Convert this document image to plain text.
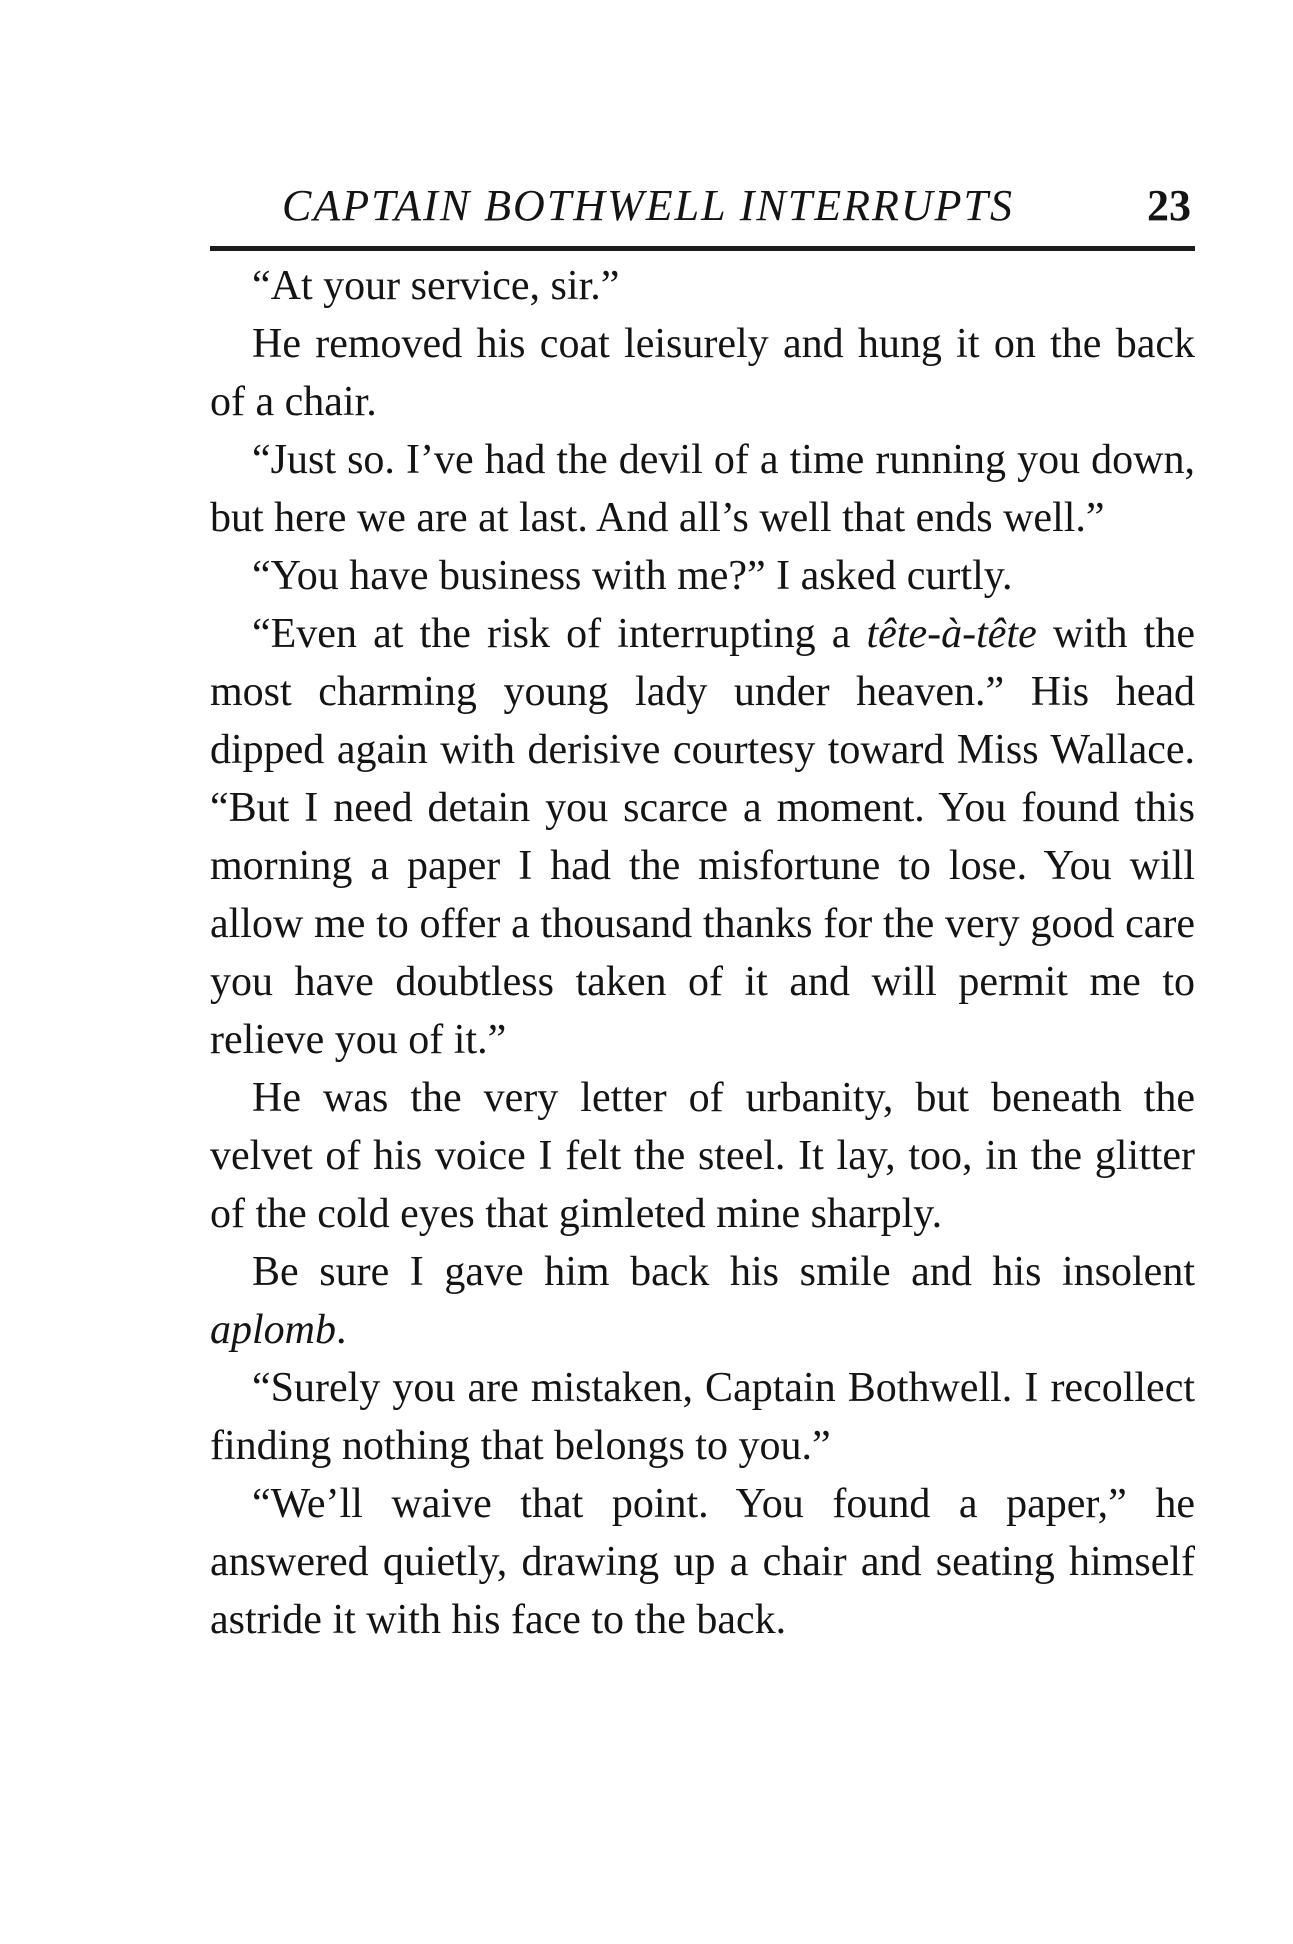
CAPTAIN BOTHWELL INTERRUPTS	23

“At your service, sir.”

He removed his coat leisurely and hung it on the back of a chair.

“Just so. I’ve had the devil of a time running you down, but here we are at last. And all’s well that ends well.”

“You have business with me?” I asked curtly.

“Even at the risk of interrupting a tête-à-tête with the most charming young lady under heaven.” His head dipped again with derisive courtesy toward Miss Wallace. “But I need detain you scarce a moment. You found this morning a paper I had the misfortune to lose. You will allow me to offer a thousand thanks for the very good care you have doubtless taken of it and will permit me to relieve you of it.”

He was the very letter of urbanity, but beneath the velvet of his voice I felt the steel. It lay, too, in the glitter of the cold eyes that gimleted mine sharply.

Be sure I gave him back his smile and his insolent aplomb.

“Surely you are mistaken, Captain Bothwell. I recollect finding nothing that belongs to you.”

“We’ll waive that point. You found a paper,” he answered quietly, drawing up a chair and seating himself astride it with his face to the back.
